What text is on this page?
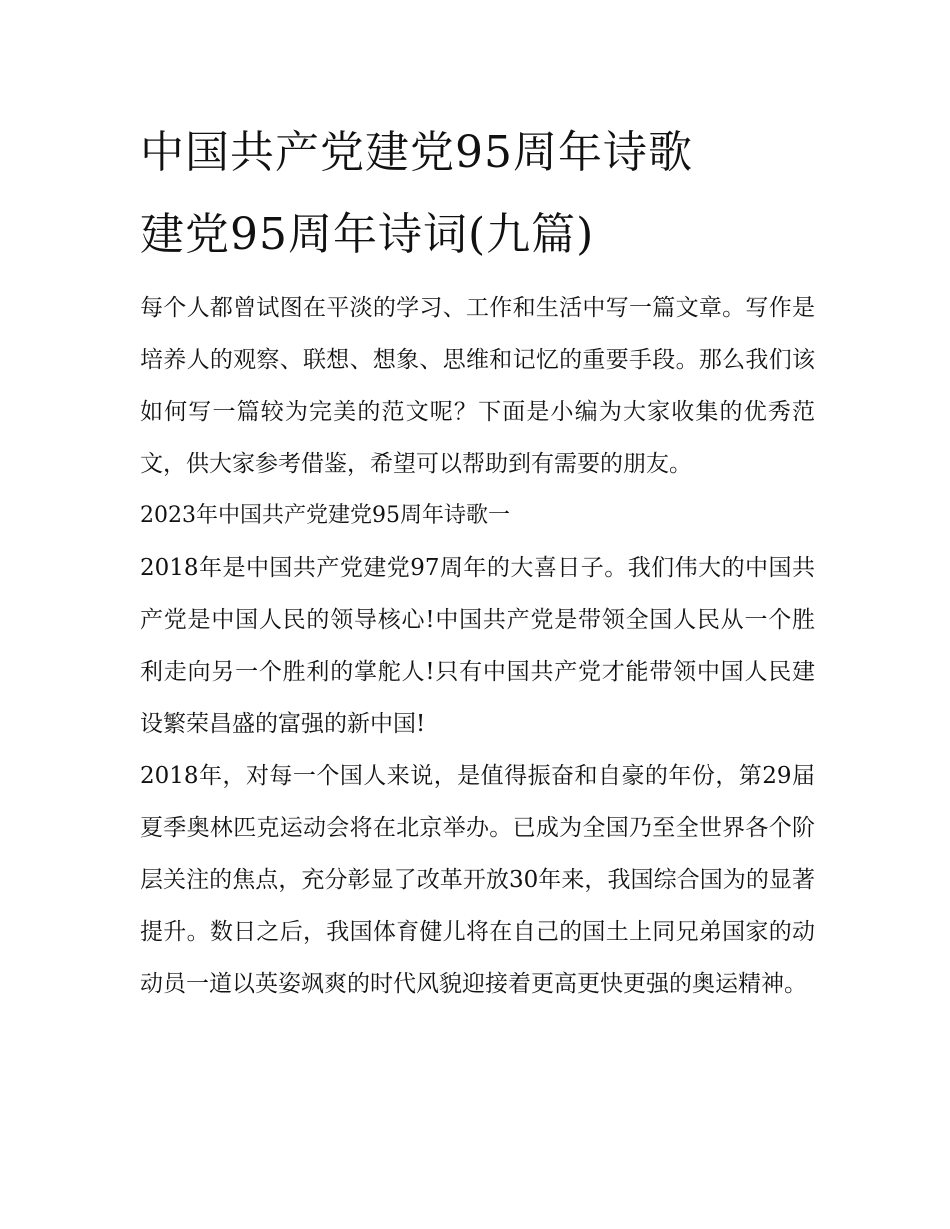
中国共产党建党95周年诗歌
建党95周年诗词(九篇)

每个人都曾试图在平淡的学习、工作和生活中写一篇文章。写作是培养人的观察、联想、想象、思维和记忆的重要手段。那么我们该如何写一篇较为完美的范文呢？下面是小编为大家收集的优秀范文，供大家参考借鉴，希望可以帮助到有需要的朋友。

2023年中国共产党建党95周年诗歌一

2018年是中国共产党建党97周年的大喜日子。我们伟大的中国共产党是中国人民的领导核心!中国共产党是带领全国人民从一个胜利走向另一个胜利的掌舵人!只有中国共产党才能带领中国人民建设繁荣昌盛的富强的新中国!

2018年，对每一个国人来说，是值得振奋和自豪的年份，第29届夏季奥林匹克运动会将在北京举办。已成为全国乃至全世界各个阶层关注的焦点，充分彰显了改革开放30年来，我国综合国为的显著提升。数日之后，我国体育健儿将在自己的国土上同兄弟国家的动动员一道以英姿飒爽的时代风貌迎接着更高更快更强的奥运精神。
